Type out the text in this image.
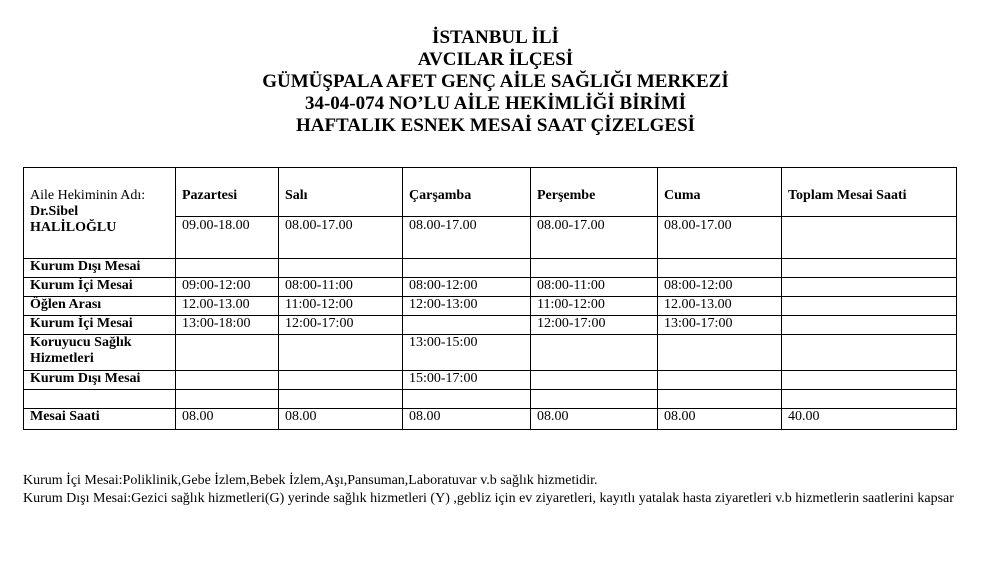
İSTANBUL İLİ

AVCILAR İLÇESİ

GÜMÜŞPALA AFET GENÇ AİLE SAĞLIĞI MERKEZİ

34-04-074 NO’LU AİLE HEKİMLİĞİ BİRİMİ

HAFTALIK ESNEK MESAİ SAAT ÇİZELGESİ

Aile Hekiminin Adı:
Dr.Sibel
HALİLOĞLU	Pazartesi	Salı	Çarşamba	Perşembe	Cuma	Toplam Mesai Saati
	09.00-18.00	08.00-17.00	08.00-17.00	08.00-17.00	08.00-17.00	
Kurum Dışı Mesai						
Kurum İçi Mesai	09:00-12:00	08:00-11:00	08:00-12:00	08:00-11:00	08:00-12:00	
Öğlen Arası	12.00-13.00	11:00-12:00	12:00-13:00	11:00-12:00	12.00-13.00	
Kurum İçi Mesai	13:00-18:00	12:00-17:00		12:00-17:00	13:00-17:00	
Koruyucu Sağlık Hizmetleri			13:00-15:00			
Kurum Dışı Mesai			15:00-17:00			

Mesai Saati	08.00	08.00	08.00	08.00	08.00	40.00

Kurum İçi Mesai:Poliklinik,Gebe İzlem,Bebek İzlem,Aşı,Pansuman,Laboratuvar v.b sağlık hizmetidir.

Kurum Dışı Mesai:Gezici sağlık hizmetleri(G) yerinde sağlık hizmetleri (Y) ,gebliz için ev ziyaretleri, kayıtlı yatalak hasta ziyaretleri v.b hizmetlerin saatlerini kapsar
